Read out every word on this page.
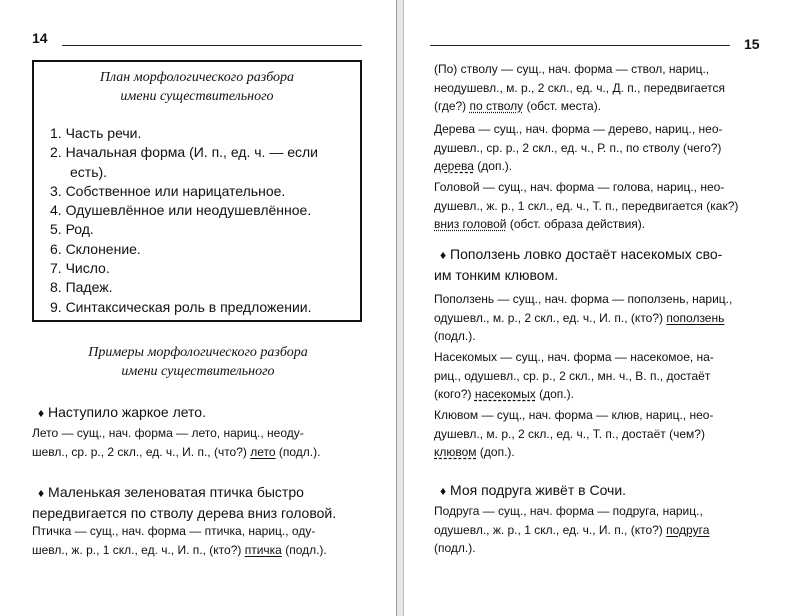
14
План морфологического разбора
имени существительного
1. Часть речи.
2. Начальная форма (И. п., ед. ч. — если
есть).
3. Собственное или нарицательное.
4. Одушевлённое или неодушевлённое.
5. Род.
6. Склонение.
7. Число.
8. Падеж.
9. Синтаксическая роль в предложении.
Примеры морфологического разбора
имени существительного
♦ Наступило жаркое лето.
Лето — сущ., нач. форма — лето, нариц., неоду-
шевл., ср. р., 2 скл., ед. ч., И. п., (что?) лето (подл.).
♦ Маленькая зеленоватая птичка быстро
передвигается по стволу дерева вниз головой.
Птичка — сущ., нач. форма — птичка, нариц., оду-
шевл., ж. р., 1 скл., ед. ч., И. п., (кто?) птичка (подл.).
15
(По) стволу — сущ., нач. форма — ствол, нариц.,
неодушевл., м. р., 2 скл., ед. ч., Д. п., передвигается
(где?) по стволу (обст. места).
Дерева — сущ., нач. форма — дерево, нариц., нео-
душевл., ср. р., 2 скл., ед. ч., Р. п., по стволу (чего?)
дерева (доп.).
Головой — сущ., нач. форма — голова, нариц., нео-
душевл., ж. р., 1 скл., ед. ч., Т. п., передвигается (как?)
вниз головой (обст. образа действия).
♦ Поползень ловко достаёт насекомых сво-
им тонким клювом.
Поползень — сущ., нач. форма — поползень, нариц.,
одушевл., м. р., 2 скл., ед. ч., И. п., (кто?) поползень
(подл.).
Насекомых — сущ., нач. форма — насекомое, на-
риц., одушевл., ср. р., 2 скл., мн. ч., В. п., достаёт
(кого?) насекомых (доп.).
Клювом — сущ., нач. форма — клюв, нариц., нео-
душевл., м. р., 2 скл., ед. ч., Т. п., достаёт (чем?)
клювом (доп.).
♦ Моя подруга живёт в Сочи.
Подруга — сущ., нач. форма — подруга, нариц.,
одушевл., ж. р., 1 скл., ед. ч., И. п., (кто?) подруга
(подл.).
